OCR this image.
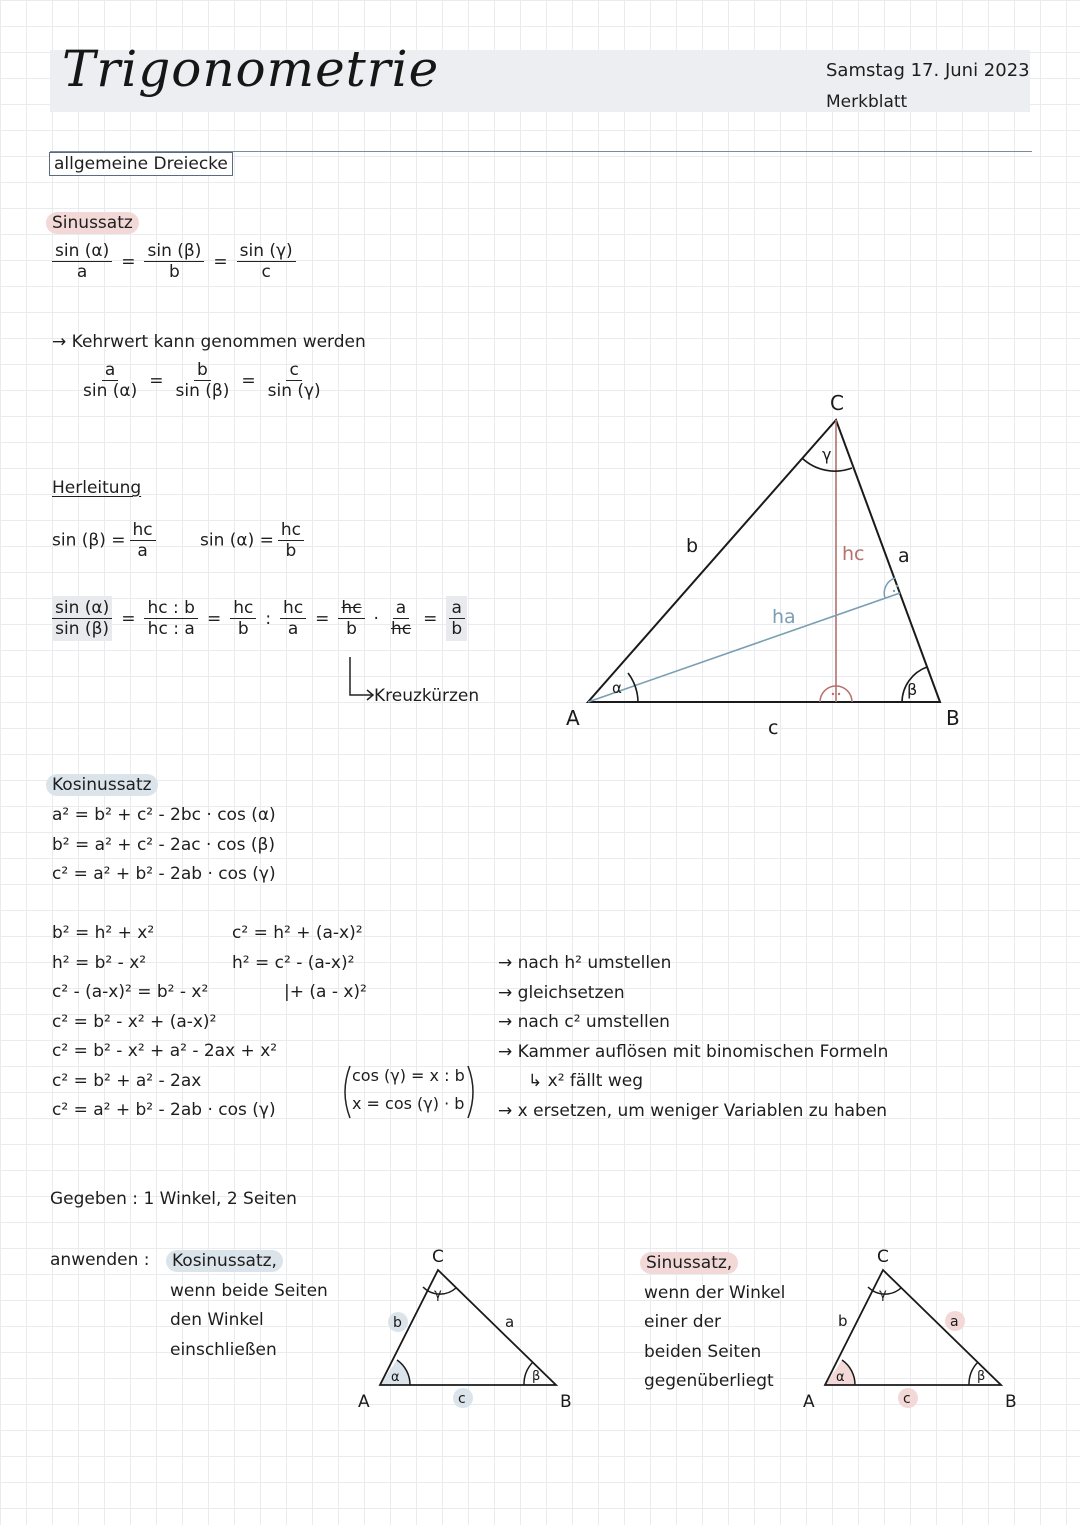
Trigonometrie	Samstag 17. Juni 2023
Merkblatt
allgemeine Dreiecke
Sinussatz
$\frac{\sin (\alpha)}{a} = \frac{\sin (\beta)}{b} = \frac{\sin (\gamma)}{c}$
→ Kehrwert kann genommen werden
$\frac{a}{\sin (\alpha)} = \frac{b}{\sin (\beta)} = \frac{c}{\sin (\gamma)}$
Herleitung
$\sin (\beta) = \frac{hc}{a}$	$\sin (\alpha) = \frac{hc}{b}$
$\frac{\sin (\alpha)}{\sin (\beta)} = \frac{hc : b}{hc : a} = \frac{hc}{b}$ : $\frac{hc}{a} = \frac{hc}{b} \cdot \frac{a}{hc} = \frac{a}{b}$
Kreuzkürzen
C
A	B
b	a
c
hc
ha
α	β
γ
Kosinussatz
a² = b² + c² - 2bc · cos (α)
b² = a² + c² - 2ac · cos (β)
c² = a² + b² - 2ab · cos (γ)
b² = h² + x²
h² = b² - x²
c² - (a-x)² = b² - x²
c² = b² - x² + (a-x)²
c² = b² - x² + a² - 2ax + x²
c² = b² + a² - 2ax
c² = a² + b² - 2ab · cos (γ)
c² = h² + (a-x)²
h² = c² - (a-x)²
|+ (a - x)²
cos (γ) = x : b
x = cos (γ) · b
→ nach h² umstellen
→ gleichsetzen
→ nach c² umstellen
→ Kammer auflösen mit binomischen Formeln
↳ x² fällt weg
→ x ersetzen, um weniger Variablen zu haben
Gegeben : 1 Winkel, 2 Seiten
anwenden :	Kosinussatz,
wenn beide Seiten
den Winkel
einschließen
Sinussatz,
wenn der Winkel
einer der
beiden Seiten
gegenüberliegt
C
A	B
b	a
c
α	β
γ
C
A	B
b	a
c
α	β
γ
